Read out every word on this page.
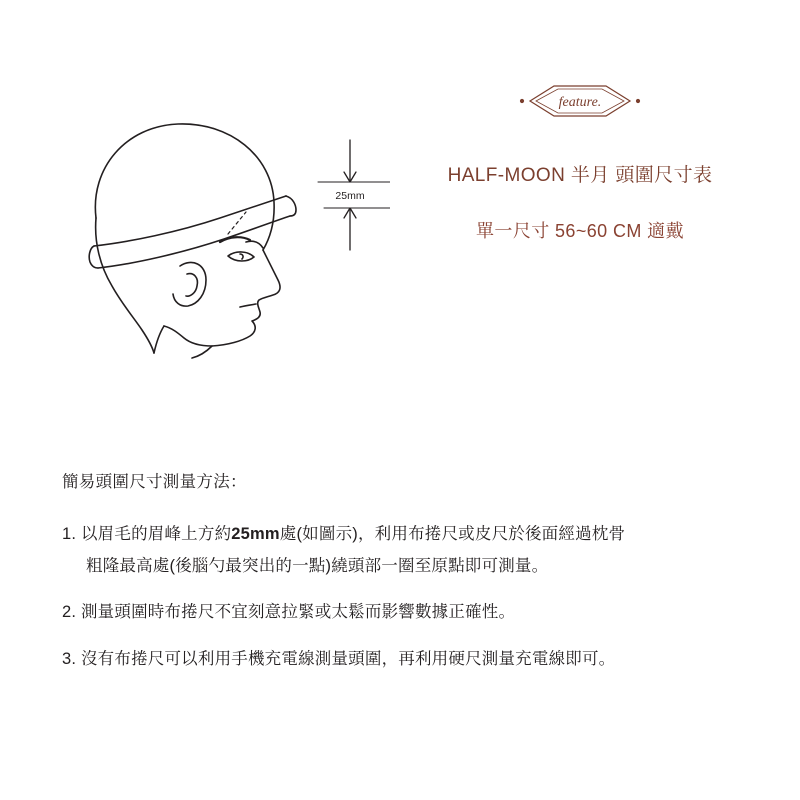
25mm
feature.
HALF-MOON 半月 頭圍尺寸表
單一尺寸 56~60 CM 適戴
簡易頭圍尺寸測量方法：
1. 以眉毛的眉峰上方約25mm處(如圖示)，利用布捲尺或皮尺於後面經過枕骨
粗隆最高處(後腦勺最突出的一點)繞頭部一圈至原點即可測量。
2. 測量頭圍時布捲尺不宜刻意拉緊或太鬆而影響數據正確性。
3. 沒有布捲尺可以利用手機充電線測量頭圍，再利用硬尺測量充電線即可。
